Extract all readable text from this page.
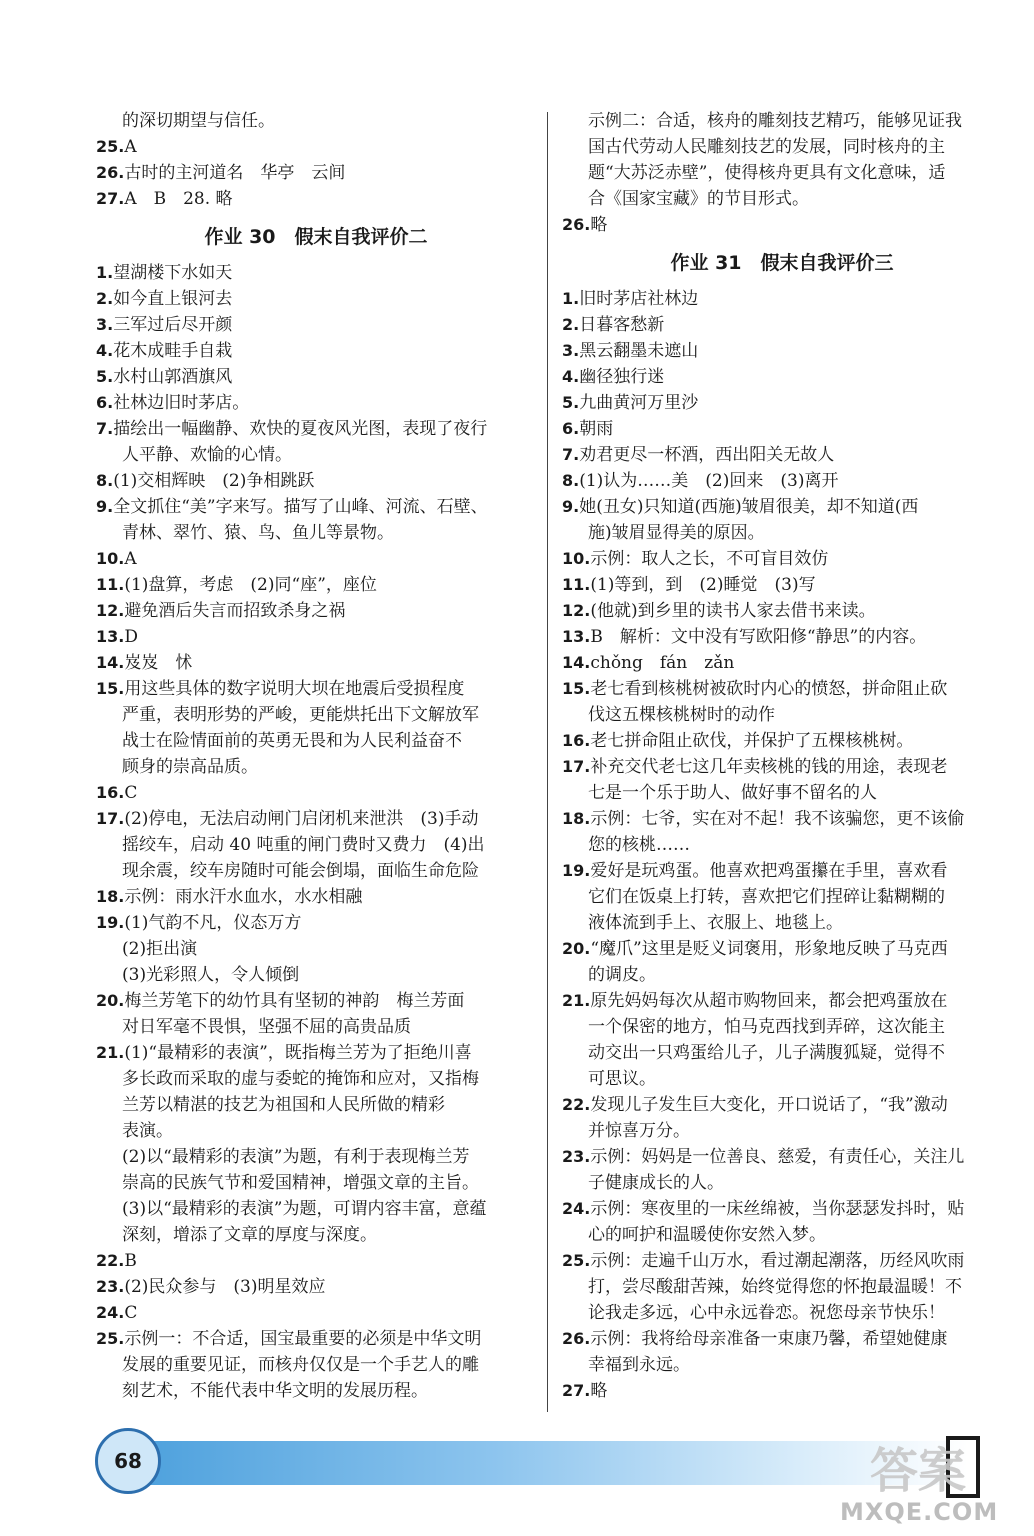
的深切期望与信任。
25.A
26.古时的主河道名　华亭　云间
27.A　B　28. 略
作业 30　假末自我评价二
1.望湖楼下水如天
2.如今直上银河去
3.三军过后尽开颜
4.花木成畦手自栽
5.水村山郭酒旗风
6.社林边旧时茅店。
7.描绘出一幅幽静、欢快的夏夜风光图，表现了夜行
人平静、欢愉的心情。
8.(1)交相辉映　(2)争相跳跃
9.全文抓住“美”字来写。描写了山峰、河流、石壁、
青林、翠竹、猿、鸟、鱼儿等景物。
10.A
11.(1)盘算，考虑　(2)同“座”，座位
12.避免酒后失言而招致杀身之祸
13.D
14.岌岌　怵
15.用这些具体的数字说明大坝在地震后受损程度
严重，表明形势的严峻，更能烘托出下文解放军
战士在险情面前的英勇无畏和为人民利益奋不
顾身的崇高品质。
16.C
17.(2)停电，无法启动闸门启闭机来泄洪　(3)手动
摇绞车，启动 40 吨重的闸门费时又费力　(4)出
现余震，绞车房随时可能会倒塌，面临生命危险
18.示例：雨水汗水血水，水水相融
19.(1)气韵不凡，仪态万方
(2)拒出演
(3)光彩照人，令人倾倒
20.梅兰芳笔下的幼竹具有坚韧的神韵　梅兰芳面
对日军毫不畏惧，坚强不屈的高贵品质
21.(1)“最精彩的表演”，既指梅兰芳为了拒绝川喜
多长政而采取的虚与委蛇的掩饰和应对，又指梅
兰芳以精湛的技艺为祖国和人民所做的精彩
表演。
(2)以“最精彩的表演”为题，有利于表现梅兰芳
崇高的民族气节和爱国精神，增强文章的主旨。
(3)以“最精彩的表演”为题，可谓内容丰富，意蕴
深刻，增添了文章的厚度与深度。
22.B
23.(2)民众参与　(3)明星效应
24.C
25.示例一：不合适，国宝最重要的必须是中华文明
发展的重要见证，而核舟仅仅是一个手艺人的雕
刻艺术，不能代表中华文明的发展历程。
示例二：合适，核舟的雕刻技艺精巧，能够见证我
国古代劳动人民雕刻技艺的发展，同时核舟的主
题“大苏泛赤壁”，使得核舟更具有文化意味，适
合《国家宝藏》的节目形式。
26.略
作业 31　假末自我评价三
1.旧时茅店社林边
2.日暮客愁新
3.黑云翻墨未遮山
4.幽径独行迷
5.九曲黄河万里沙
6.朝雨
7.劝君更尽一杯酒，西出阳关无故人
8.(1)认为……美　(2)回来　(3)离开
9.她(丑女)只知道(西施)皱眉很美，却不知道(西
施)皱眉显得美的原因。
10.示例：取人之长，不可盲目效仿
11.(1)等到，到　(2)睡觉　(3)写
12.(他就)到乡里的读书人家去借书来读。
13.B　解析：文中没有写欧阳修“静思”的内容。
14.chǒng　fán　zǎn
15.老七看到核桃树被砍时内心的愤怒，拼命阻止砍
伐这五棵核桃树时的动作
16.老七拼命阻止砍伐，并保护了五棵核桃树。
17.补充交代老七这几年卖核桃的钱的用途，表现老
七是一个乐于助人、做好事不留名的人
18.示例：七爷，实在对不起！我不该骗您，更不该偷
您的核桃……
19.爱好是玩鸡蛋。他喜欢把鸡蛋攥在手里，喜欢看
它们在饭桌上打转，喜欢把它们捏碎让黏糊糊的
液体流到手上、衣服上、地毯上。
20.“魔爪”这里是贬义词褒用，形象地反映了马克西
的调皮。
21.原先妈妈每次从超市购物回来，都会把鸡蛋放在
一个保密的地方，怕马克西找到弄碎，这次能主
动交出一只鸡蛋给儿子，儿子满腹狐疑，觉得不
可思议。
22.发现儿子发生巨大变化，开口说话了，“我”激动
并惊喜万分。
23.示例：妈妈是一位善良、慈爱，有责任心，关注儿
子健康成长的人。
24.示例：寒夜里的一床丝绵被，当你瑟瑟发抖时，贴
心的呵护和温暖使你安然入梦。
25.示例：走遍千山万水，看过潮起潮落，历经风吹雨
打，尝尽酸甜苦辣，始终觉得您的怀抱最温暖！不
论我走多远，心中永远眷恋。祝您母亲节快乐！
26.示例：我将给母亲准备一束康乃馨，希望她健康
幸福到永远。
27.略
68	答案
MXQE.COM
